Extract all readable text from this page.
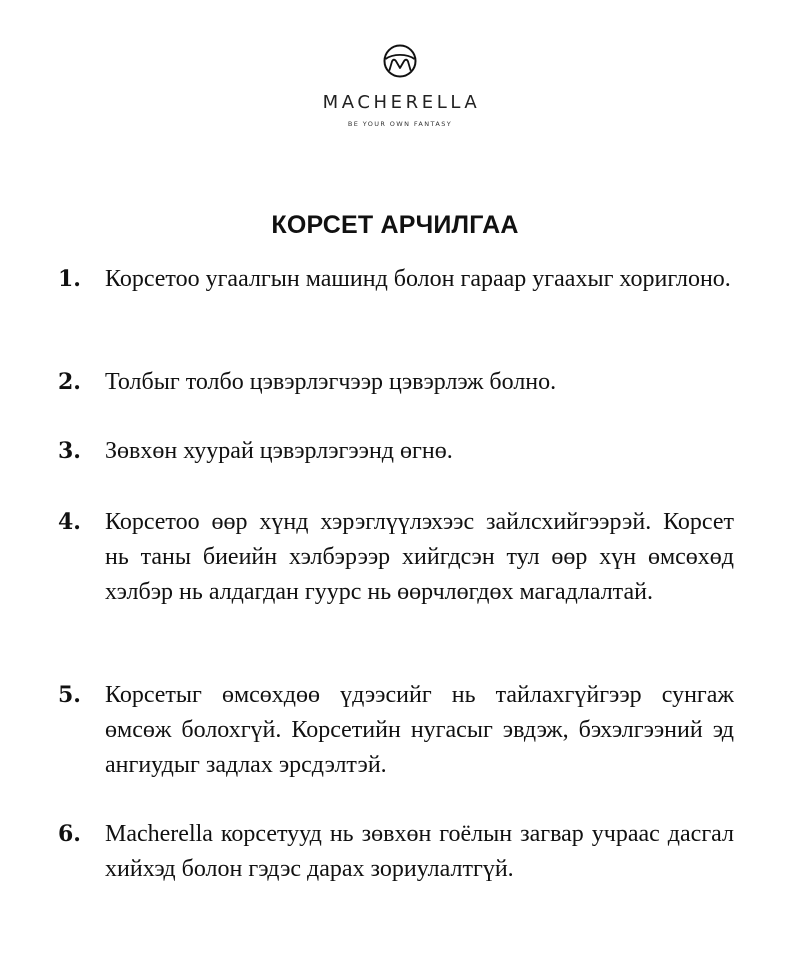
MACHERELLA
BE YOUR OWN FANTASY
КОРСЕТ АРЧИЛГАА
1.	Корсетоо угаалгын машинд болон гараар угаахыг хориглоно.
2.	Толбыг толбо цэвэрлэгчээр цэвэрлэж болно.
3.	Зөвхөн хуурай цэвэрлэгээнд өгнө.
4.	Корсетоо өөр хүнд хэрэглүүлэхээс зайлсхийгээрэй. Корсет нь таны биеийн хэлбэрээр хийгдсэн тул өөр хүн өмсөхөд хэлбэр нь алдагдан гуурс нь өөрчлөгдөх магадлалтай.
5.	Корсетыг өмсөхдөө үдээсийг нь тайлахгүйгээр сунгаж өмсөж болохгүй. Корсетийн нугасыг эвдэж, бэхэлгээний эд ангиудыг задлах эрсдэлтэй.
6.	Macherella корсетууд нь зөвхөн гоёлын загвар учраас дасгал хийхэд болон гэдэс дарах зориулалтгүй.
